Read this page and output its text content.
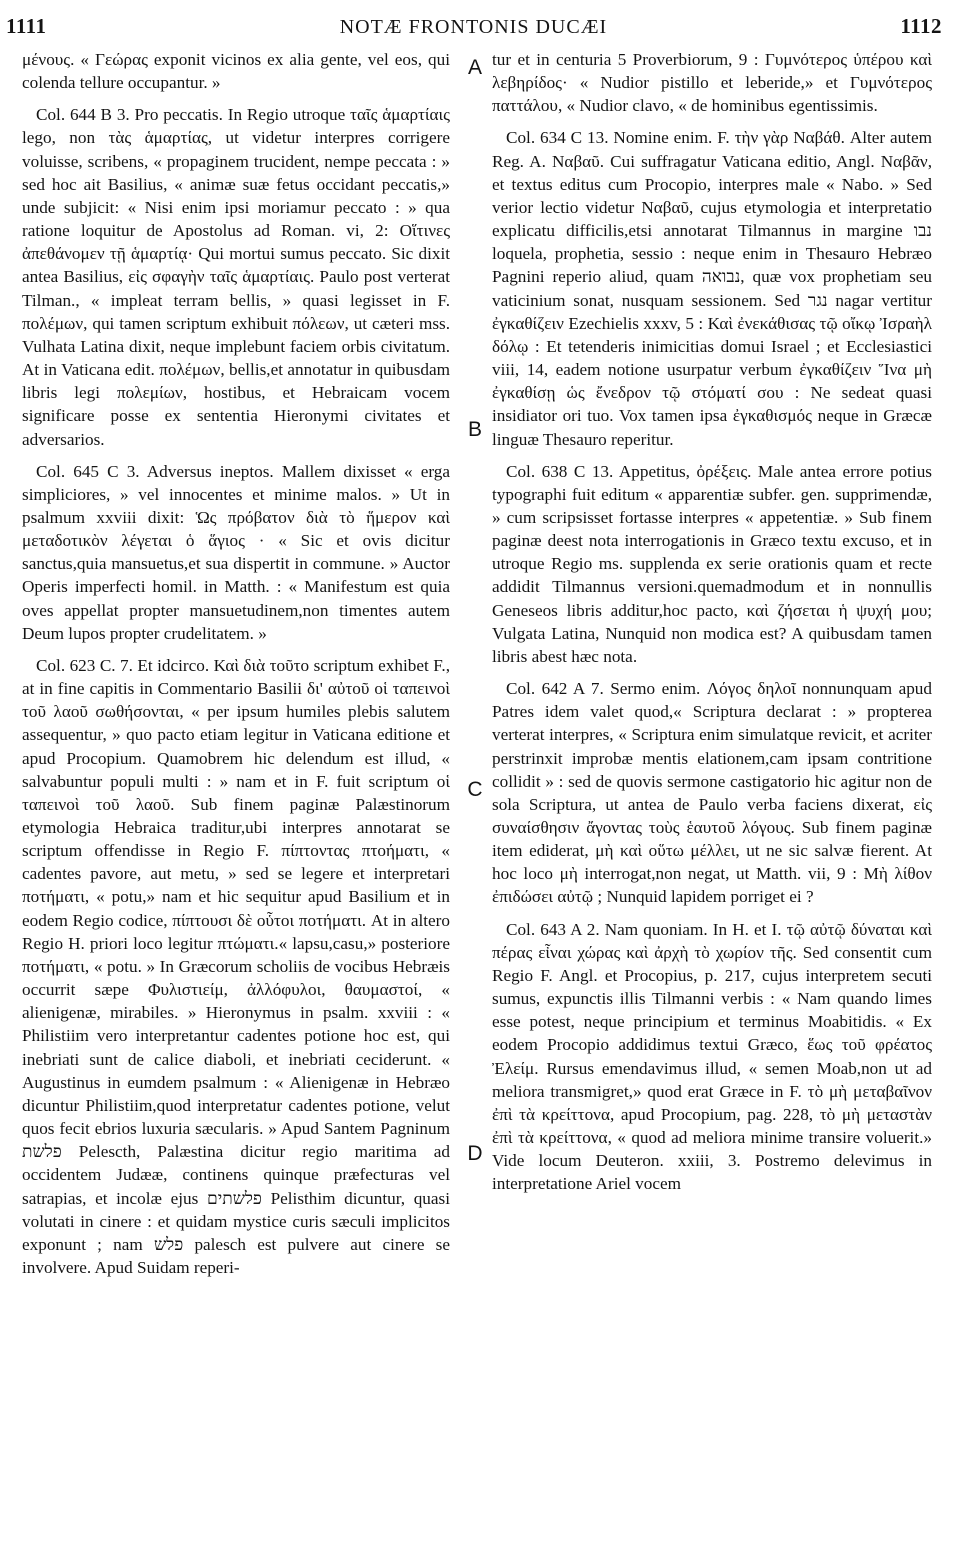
1111	NOTÆ FRONTONIS DUCÆI	1112

μένους. « Γεώρας exponit vicinos ex alia gente, vel eos, qui colenda tellure occupantur. »

Col. 644 B 3. Pro peccatis. In Regio utroque ταῖς ἁμαρτίαις lego, non τὰς ἁμαρτίας, ut videtur interpres corrigere voluisse, scribens, « propaginem trucident, nempe peccata : » sed hoc ait Basilius, « animæ suæ fetus occidant peccatis,» unde subjicit: « Nisi enim ipsi moriamur peccato : » qua ratione loquitur de Apostolus ad Roman. vi, 2: Οἵτινες ἀπεθάνομεν τῇ ἁμαρτίᾳ· Qui mortui sumus peccato. Sic dixit antea Basilius, εἰς σφαγὴν ταῖς ἁμαρτίαις. Paulo post verterat Tilman., « impleat terram bellis, » quasi legisset in F. πολέμων, qui tamen scriptum exhibuit πόλεων, ut cæteri mss. Vulhata Latina dixit, neque implebunt faciem orbis civitatum. At in Vaticana edit. πολέμων, bellis,et annotatur in quibusdam libris legi πολεμίων, hostibus, et Hebraicam vocem significare posse ex sententia Hieronymi civitates et adversarios.

Col. 645 C 3. Adversus ineptos. Mallem dixisset « erga simpliciores, » vel innocentes et minime malos. » Ut in psalmum xxviii dixit: Ὡς πρόβατον διὰ τὸ ἥμερον καὶ μεταδοτικὸν λέγεται ὁ ἅγιος · « Sic et ovis dicitur sanctus,quia mansuetus,et sua dispertit in commune. » Auctor Operis imperfecti homil. in Matth. : « Manifestum est quia oves appellat propter mansuetudinem,non timentes autem Deum lupos propter crudelitatem. »

Col. 623 C. 7. Et idcirco. Καὶ διὰ τοῦτο scriptum exhibet F., at in fine capitis in Commentario Basilii δι' αὐτοῦ οἱ ταπεινοὶ τοῦ λαοῦ σωθήσονται, « per ipsum humiles plebis salutem assequentur, » quo pacto etiam legitur in Vaticana editione et apud Procopium. Quamobrem hic delendum est illud, « salvabuntur populi multi : » nam et in F. fuit scriptum οἱ ταπεινοὶ τοῦ λαοῦ. Sub finem paginæ Palæstinorum etymologia Hebraica traditur,ubi interpres annotarat se scriptum offendisse in Regio F. πίπτοντας πτοήματι, « cadentes pavore, aut metu, » sed se legere et interpretari ποτήματι, « potu,» nam et hic sequitur apud Basilium et in eodem Regio codice, πίπτουσι δὲ οὗτοι ποτήματι. At in altero Regio H. priori loco legitur πτώματι.« lapsu,casu,» posteriore ποτήματι, « potu. » In Græcorum scholiis de vocibus Hebræis occurrit sæpe Φυλιστιείμ, ἀλλόφυλοι, θαυμαστοί, « alienigenæ, mirabiles. » Hieronymus in psalm. xxviii : « Philistiim vero interpretantur cadentes potione hoc est, qui inebriati sunt de calice diaboli, et inebriati ceciderunt. « Augustinus in eumdem psalmum : « Alienigenæ in Hebræo dicuntur Philistiim,quod interpretatur cadentes potione, velut quos fecit ebrios luxuria sæcularis. » Apud Santem Pagninum פלשת Pelescth, Palæstina dicitur regio maritima ad occidentem Judææ, continens quinque præfecturas vel satrapias, et incolæ ejus פלשתים Pelisthim dicuntur, quasi volutati in cinere : et quidam mystice curis sæculi implicitos exponunt ; nam פלש palesch est pulvere aut cinere se involvere. Apud Suidam reperi-

A
B
C
D

tur et in centuria 5 Proverbiorum, 9 : Γυμνότερος ὑπέρου καὶ λεβηρίδος· « Nudior pistillo et leberide,» et Γυμνότερος παττάλου, « Nudior clavo, « de hominibus egentissimis.

Col. 634 C 13. Nomine enim. F. τὴν γὰρ Ναβάθ. Alter autem Reg. A. Ναβαῦ. Cui suffragatur Vaticana editio, Angl. Ναβᾶν, et textus editus cum Procopio, interpres male « Nabo. » Sed verior lectio videtur Ναβαῦ, cujus etymologia et interpretatio explicatu difficilis,etsi annotarat Tilmannus in margine נבו loquela, prophetia, sessio : neque enim in Thesauro Hebræo Pagnini reperio aliud, quam נבואה, quæ vox prophetiam seu vaticinium sonat, nusquam sessionem. Sed נגר nagar vertitur ἐγκαθίζειν Ezechielis xxxv, 5 : Καὶ ἐνεκάθισας τῷ οἴκῳ Ἰσραὴλ δόλῳ : Et tetenderis inimicitias domui Israel ; et Ecclesiastici viii, 14, eadem notione usurpatur verbum ἐγκαθίζειν Ἵνα μὴ ἐγκαθίσῃ ὡς ἔνεδρον τῷ στόματί σου : Ne sedeat quasi insidiator ori tuo. Vox tamen ipsa ἐγκαθισμός neque in Græcæ linguæ Thesauro reperitur.

Col. 638 C 13. Appetitus, ὀρέξεις. Male antea errore potius typographi fuit editum « apparentiæ subfer. gen. supprimendæ, » cum scripsisset fortasse interpres « appetentiæ. » Sub finem paginæ deest nota interrogationis in Græco textu excuso, et in utroque Regio ms. supplenda ex serie orationis quam et recte addidit Tilmannus versioni.quemadmodum et in nonnullis Geneseos libris additur,hoc pacto, καὶ ζήσεται ἡ ψυχή μου; Vulgata Latina, Nunquid non modica est? A quibusdam tamen libris abest hæc nota.

Col. 642 A 7. Sermo enim. Λόγος δηλοῖ nonnunquam apud Patres idem valet quod,« Scriptura declarat : » propterea verterat interpres, « Scriptura enim simulatque revicit, et acriter perstrinxit improbæ mentis elationem,cam ipsam contritione collidit » : sed de quovis sermone castigatorio hic agitur non de sola Scriptura, ut antea de Paulo verba faciens dixerat, εἰς συναίσθησιν ἄγοντας τοὺς ἑαυτοῦ λόγους. Sub finem paginæ item ediderat, μὴ καὶ οὕτω μέλλει, ut ne sic salvæ fierent. At hoc loco μὴ interrogat,non negat, ut Matth. vii, 9 : Μὴ λίθον ἐπιδώσει αὐτῷ ; Nunquid lapidem porriget ei ?

Col. 643 A 2. Nam quoniam. In H. et I. τῷ αὐτῷ δύναται καὶ πέρας εἶναι χώρας καὶ ἀρχὴ τὸ χωρίον τῆς. Sed consentit cum Regio F. Angl. et Procopius, p. 217, cujus interpretem secuti sumus, expunctis illis Tilmanni verbis : « Nam quando limes esse potest, neque principium et terminus Moabitidis. « Ex eodem Procopio addidimus textui Græco, ἕως τοῦ φρέατος Ἐλείμ. Rursus emendavimus illud, « semen Moab,non ut ad meliora transmigret,» quod erat Græce in F. τὸ μὴ μεταβαῖνον ἐπὶ τὰ κρείττονα, apud Procopium, pag. 228, τὸ μὴ μεταστὰν ἐπὶ τὰ κρείττονα, « quod ad meliora minime transire voluerit.» Vide locum Deuteron. xxiii, 3. Postremo delevimus in interpretatione Ariel vocem
